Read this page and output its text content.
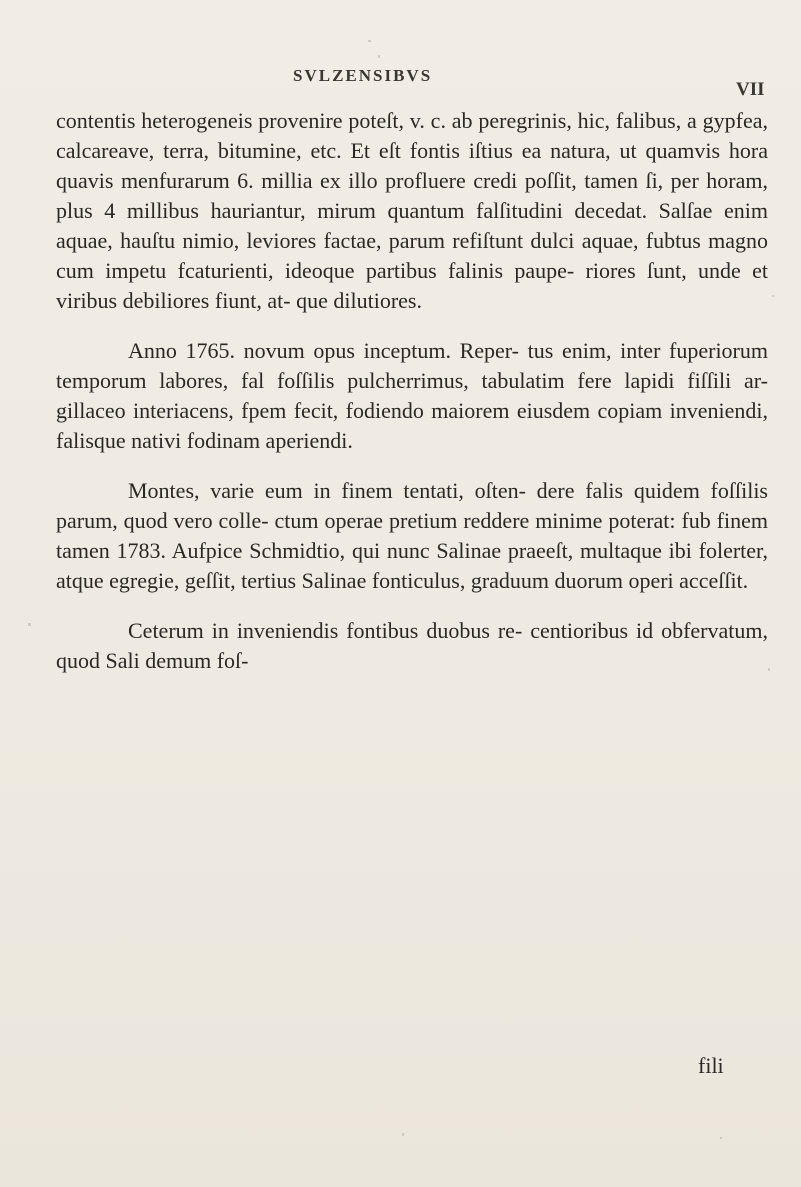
SVLZENSIBVS
VII

contentis heterogeneis provenire poteſt, v. c. ab peregrinis, hic, falibus, a gypfea, calcareave, terra, bitumine, etc. Et eſt fontis iſtius ea natura, ut quamvis hora quavis menfurarum 6. millia ex illo profluere credi poſſit, tamen ſi, per horam, plus 4 millibus hauriantur, mirum quantum falſitudini decedat. Salſae enim aquae, hauſtu nimio, leviores factae, parum refiſtunt dulci aquae, fubtus magno cum impetu fcaturienti, ideoque partibus falinis paupe- riores ſunt, unde et viribus debiliores fiunt, at- que dilutiores.

Anno 1765. novum opus inceptum. Reper- tus enim, inter fuperiorum temporum labores, fal foſſilis pulcherrimus, tabulatim fere lapidi fiſſili ar- gillaceo interiacens, fpem fecit, fodiendo maiorem eiusdem copiam inveniendi, falisque nativi fodinam aperiendi.

Montes, varie eum in finem tentati, oſten- dere falis quidem foſſilis parum, quod vero colle- ctum operae pretium reddere minime poterat: fub finem tamen 1783. Aufpice Schmidtio, qui nunc Salinae praeeſt, multaque ibi folerter, atque egregie, geſſit, tertius Salinae fonticulus, graduum duorum operi acceſſit.

Ceterum in inveniendis fontibus duobus re- centioribus id obfervatum, quod Sali demum foſ-

fili
